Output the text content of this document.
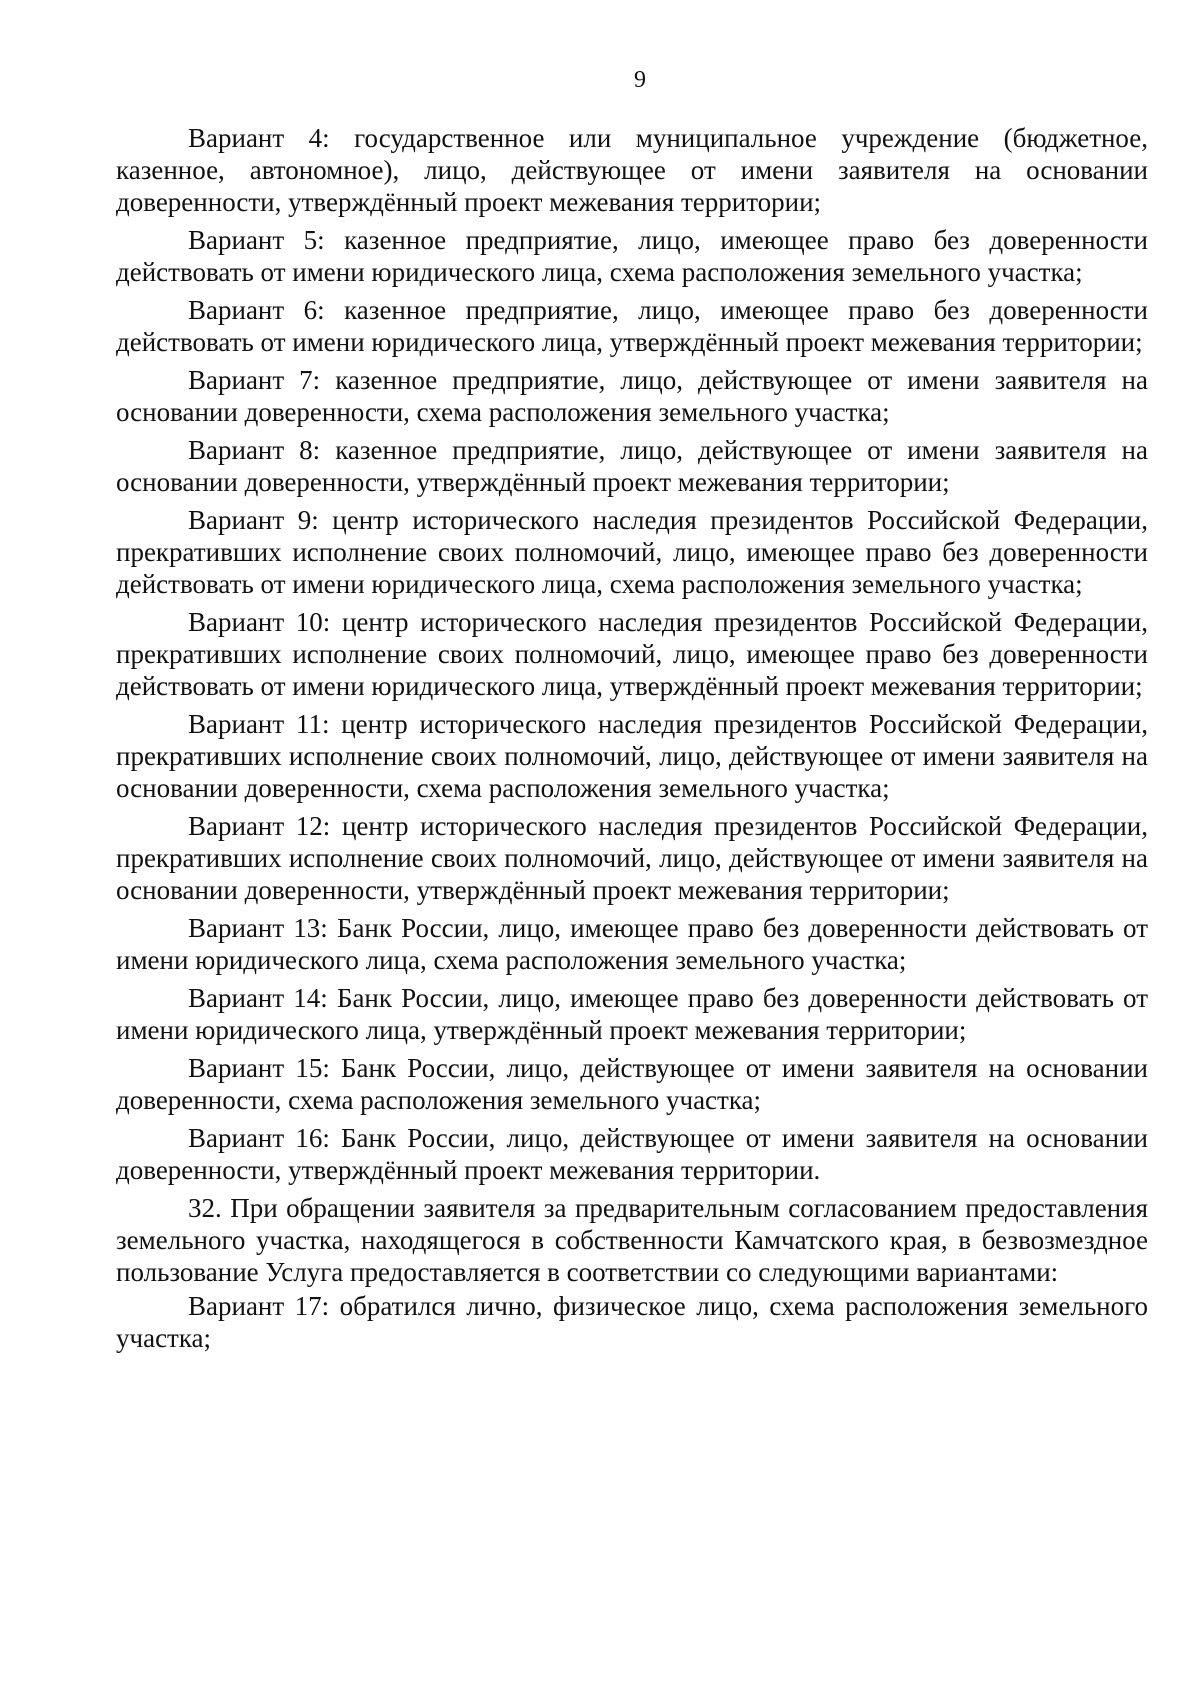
9

Вариант 4: государственное или муниципальное учреждение (бюджетное, казенное, автономное), лицо, действующее от имени заявителя на основании доверенности, утверждённый проект межевания территории;

Вариант 5: казенное предприятие, лицо, имеющее право без доверенности действовать от имени юридического лица, схема расположения земельного участка;

Вариант 6: казенное предприятие, лицо, имеющее право без доверенности действовать от имени юридического лица, утверждённый проект межевания территории;

Вариант 7: казенное предприятие, лицо, действующее от имени заявителя на основании доверенности, схема расположения земельного участка;

Вариант 8: казенное предприятие, лицо, действующее от имени заявителя на основании доверенности, утверждённый проект межевания территории;

Вариант 9: центр исторического наследия президентов Российской Федерации, прекративших исполнение своих полномочий, лицо, имеющее право без доверенности действовать от имени юридического лица, схема расположения земельного участка;

Вариант 10: центр исторического наследия президентов Российской Федерации, прекративших исполнение своих полномочий, лицо, имеющее право без доверенности действовать от имени юридического лица, утверждённый проект межевания территории;

Вариант 11: центр исторического наследия президентов Российской Федерации, прекративших исполнение своих полномочий, лицо, действующее от имени заявителя на основании доверенности, схема расположения земельного участка;

Вариант 12: центр исторического наследия президентов Российской Федерации, прекративших исполнение своих полномочий, лицо, действующее от имени заявителя на основании доверенности, утверждённый проект межевания территории;

Вариант 13: Банк России, лицо, имеющее право без доверенности действовать от имени юридического лица, схема расположения земельного участка;

Вариант 14: Банк России, лицо, имеющее право без доверенности действовать от имени юридического лица, утверждённый проект межевания территории;

Вариант 15: Банк России, лицо, действующее от имени заявителя на основании доверенности, схема расположения земельного участка;

Вариант 16: Банк России, лицо, действующее от имени заявителя на основании доверенности, утверждённый проект межевания территории.

32. При обращении заявителя за предварительным согласованием предоставления земельного участка, находящегося в собственности Камчатского края, в безвозмездное пользование Услуга предоставляется в соответствии со следующими вариантами:

Вариант 17: обратился лично, физическое лицо, схема расположения земельного участка;
